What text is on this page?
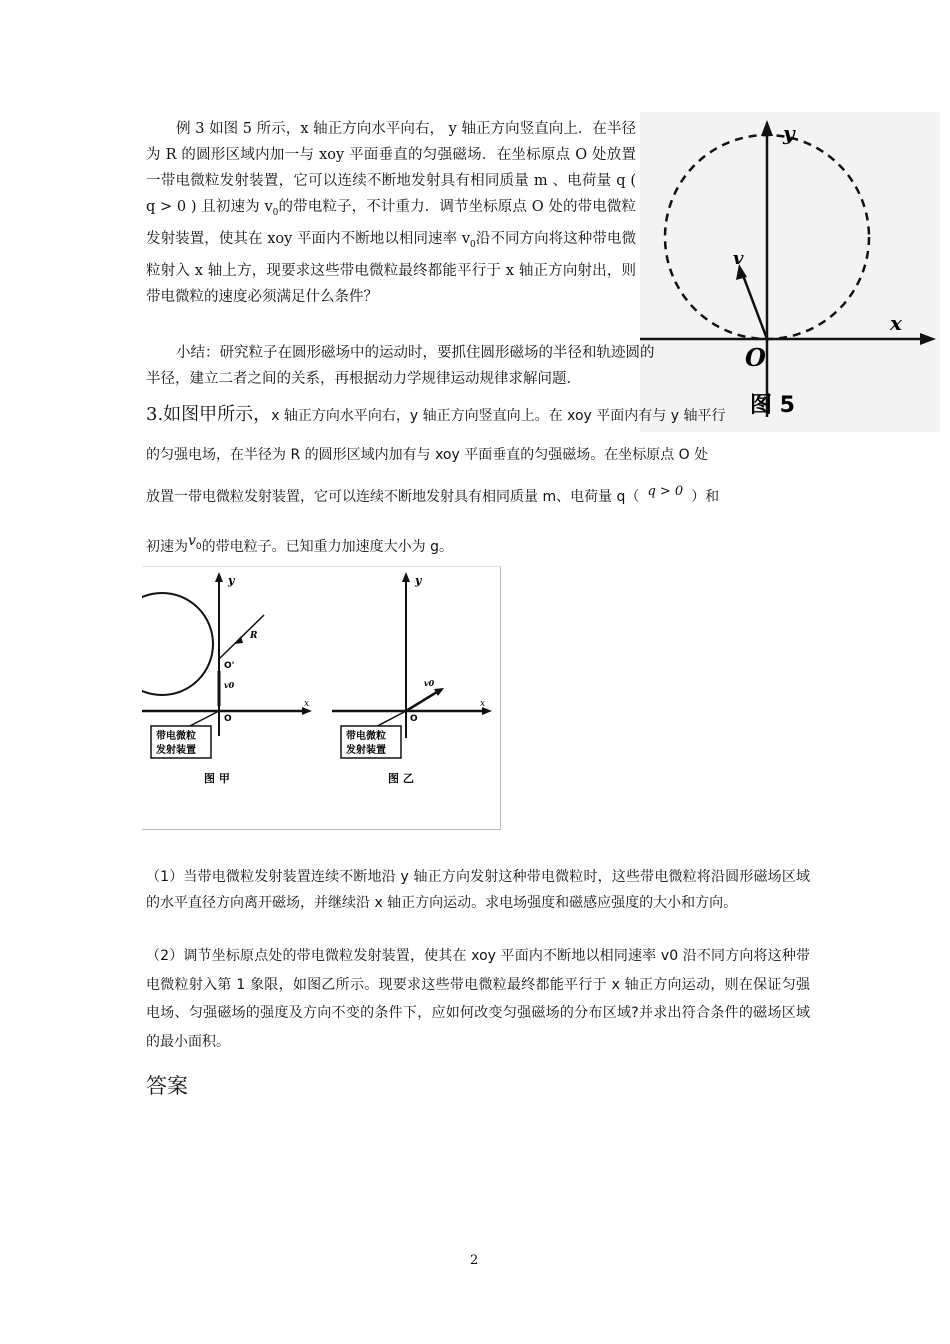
例 3 如图 5 所示，x 轴正方向水平向右， y 轴正方向竖直向上．在半径为 R 的圆形区域内加一与 xoy 平面垂直的匀强磁场．在坐标原点 O 处放置一带电微粒发射装置，它可以连续不断地发射具有相同质量 m 、电荷量 q ( q > 0 ) 且初速为 $v_0$的带电粒子，不计重力．调节坐标原点 O 处的带电微粒发射装置，使其在 xoy 平面内不断地以相同速率 $v_0$沿不同方向将这种带电微粒射入 x 轴上方，现要求这些带电微粒最终都能平行于 x 轴正方向射出，则带电微粒的速度必须满足什么条件？

y
x
O
v
图 5

小结：研究粒子在圆形磁场中的运动时，要抓住圆形磁场的半径和轨迹圆的半径，建立二者之间的关系，再根据动力学规律运动规律求解问题．

3.如图甲所示，x 轴正方向水平向右，y 轴正方向竖直向上。在 xoy 平面内有与 y 轴平行
的匀强电场，在半径为 R 的圆形区域内加有与 xoy 平面垂直的匀强磁场。在坐标原点 O 处
放置一带电微粒发射装置，它可以连续不断地发射具有相同质量 m、电荷量 q（ q > 0 ）和
初速为$v_0$的带电粒子。已知重力加速度大小为 g。
带电微粒
发射装置
y
x
O
O'
R
v0
图 甲
带电微粒
发射装置
y
x
O
v0
图 乙

（1）当带电微粒发射装置连续不断地沿 y 轴正方向发射这种带电微粒时，这些带电微粒将沿圆形磁场区域的水平直径方向离开磁场，并继续沿 x 轴正方向运动。求电场强度和磁感应强度的大小和方向。

（2）调节坐标原点处的带电微粒发射装置，使其在 xoy 平面内不断地以相同速率 v0 沿不同方向将这种带电微粒射入第 1 象限，如图乙所示。现要求这些带电微粒最终都能平行于 x 轴正方向运动，则在保证匀强电场、匀强磁场的强度及方向不变的条件下，应如何改变匀强磁场的分布区域?并求出符合条件的磁场区域的最小面积。

答案
2
